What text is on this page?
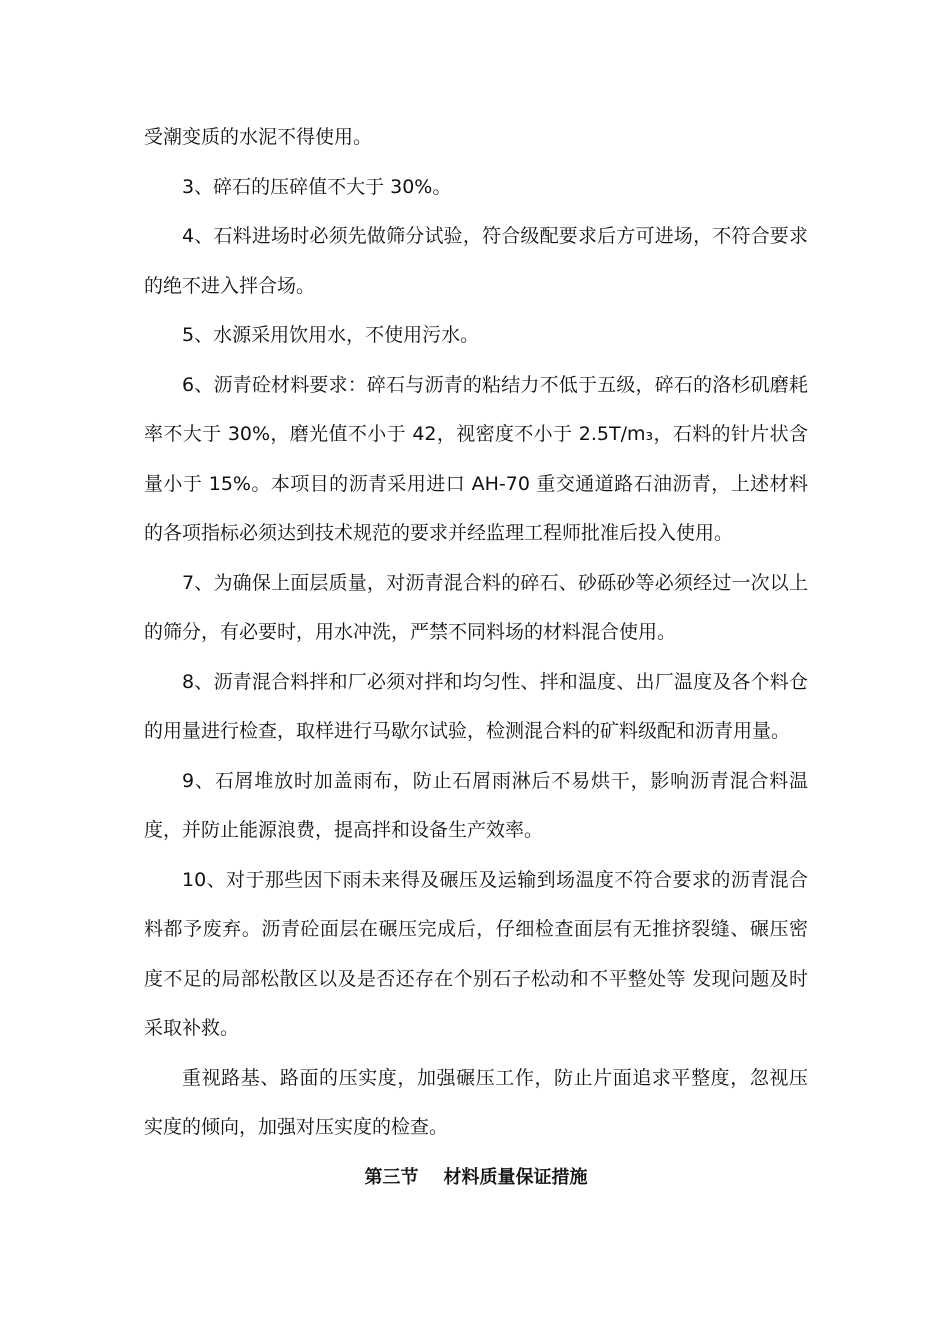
受潮变质的水泥不得使用。

3、碎石的压碎值不大于 30%。

4、石料进场时必须先做筛分试验，符合级配要求后方可进场，不符合要求的绝不进入拌合场。

5、水源采用饮用水，不使用污水。

6、沥青砼材料要求：碎石与沥青的粘结力不低于五级，碎石的洛杉矶磨耗率不大于 30%，磨光值不小于 42，视密度不小于 2.5T/m₃，石料的针片状含量小于 15%。本项目的沥青采用进口 AH-70 重交通道路石油沥青，上述材料的各项指标必须达到技术规范的要求并经监理工程师批准后投入使用。

7、为确保上面层质量，对沥青混合料的碎石、砂砾砂等必须经过一次以上的筛分，有必要时，用水冲洗，严禁不同料场的材料混合使用。

8、沥青混合料拌和厂必须对拌和均匀性、拌和温度、出厂温度及各个料仓的用量进行检查，取样进行马歇尔试验，检测混合料的矿料级配和沥青用量。

9、石屑堆放时加盖雨布，防止石屑雨淋后不易烘干，影响沥青混合料温度，并防止能源浪费，提高拌和设备生产效率。

10、对于那些因下雨未来得及碾压及运输到场温度不符合要求的沥青混合料都予废弃。沥青砼面层在碾压完成后，仔细检查面层有无推挤裂缝、碾压密度不足的局部松散区以及是否还存在个别石子松动和不平整处等 发现问题及时采取补救。

重视路基、路面的压实度，加强碾压工作，防止片面追求平整度，忽视压实度的倾向，加强对压实度的检查。

第三节    材料质量保证措施
